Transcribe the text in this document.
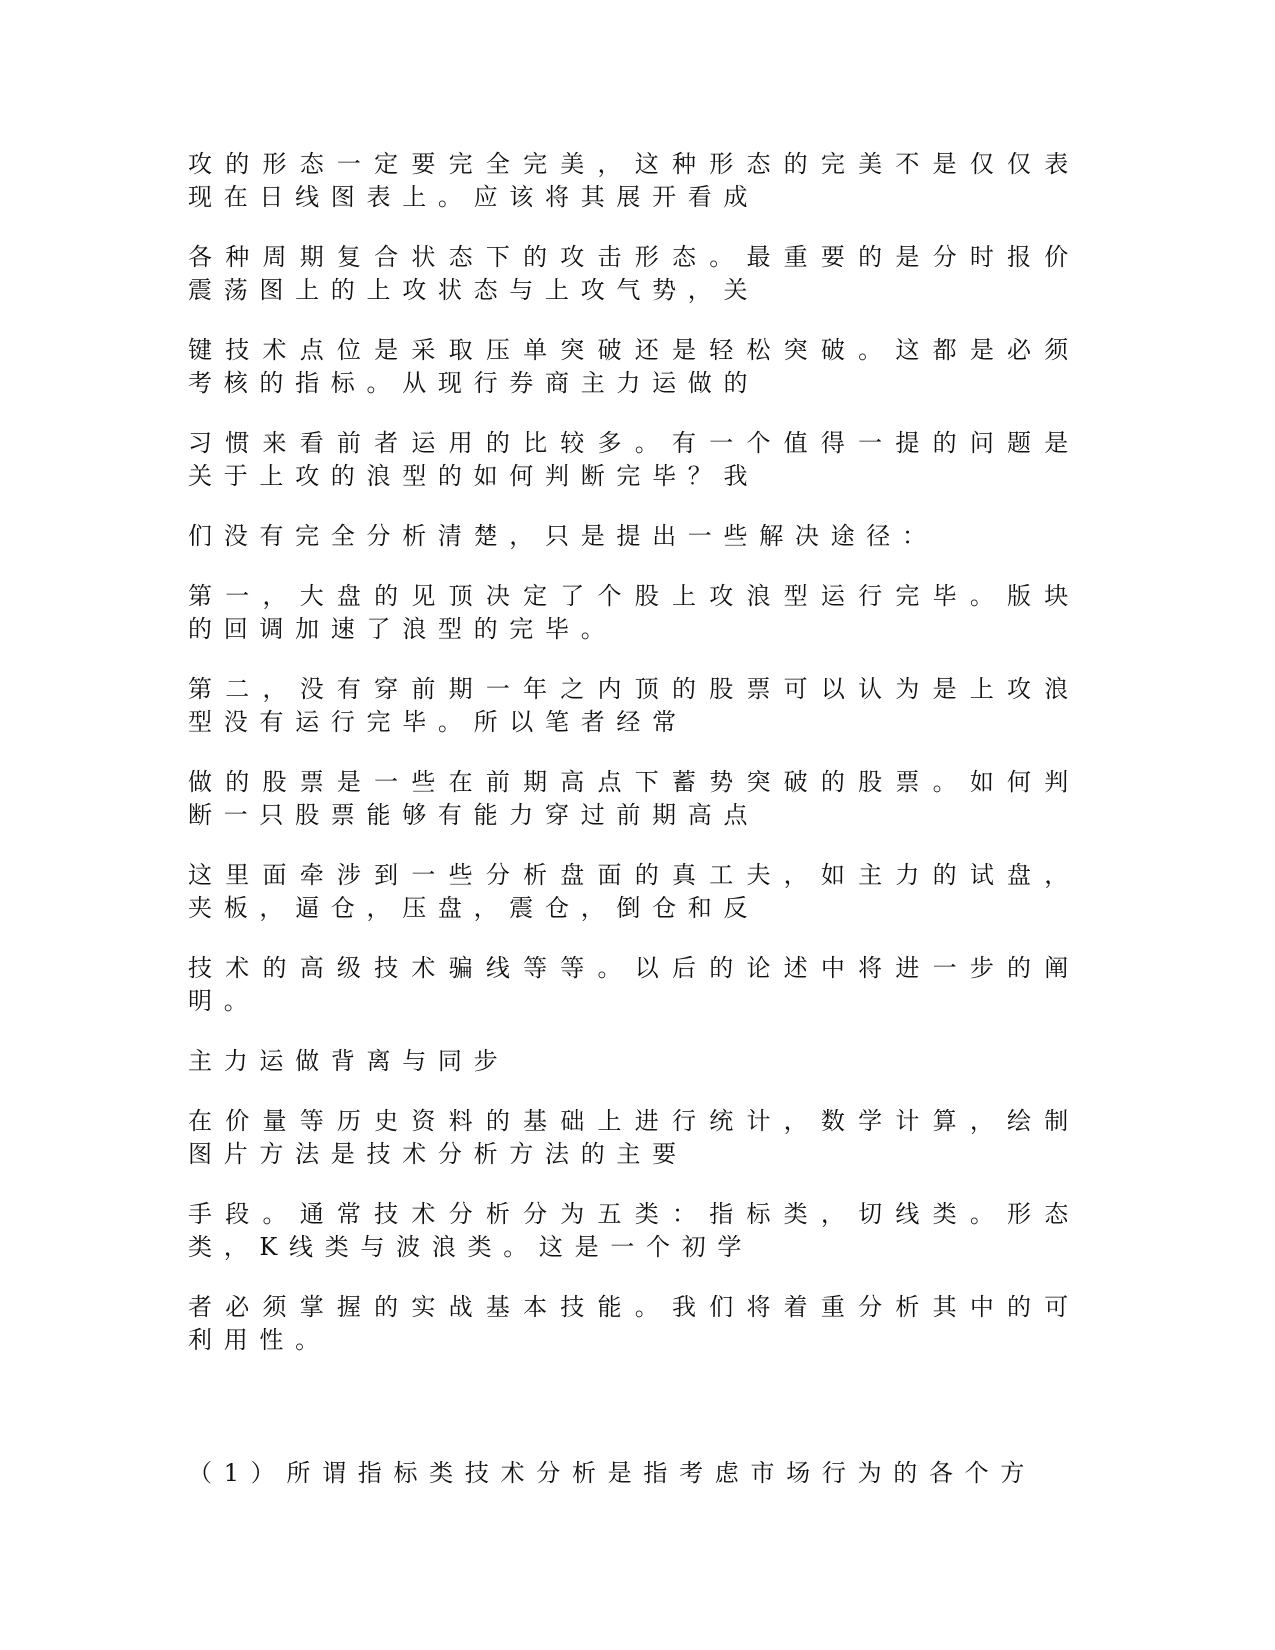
攻的形态一定要完全完美，这种形态的完美不是仅仅表现在日线图表上。应该将其展开看成

各种周期复合状态下的攻击形态。最重要的是分时报价震荡图上的上攻状态与上攻气势，关

键技术点位是采取压单突破还是轻松突破。这都是必须考核的指标。从现行券商主力运做的

习惯来看前者运用的比较多。有一个值得一提的问题是关于上攻的浪型的如何判断完毕？我

们没有完全分析清楚，只是提出一些解决途径：

第一，大盘的见顶决定了个股上攻浪型运行完毕。版块的回调加速了浪型的完毕。

第二，没有穿前期一年之内顶的股票可以认为是上攻浪型没有运行完毕。所以笔者经常

做的股票是一些在前期高点下蓄势突破的股票。如何判断一只股票能够有能力穿过前期高点

这里面牵涉到一些分析盘面的真工夫，如主力的试盘，夹板，逼仓，压盘，震仓，倒仓和反

技术的高级技术骗线等等。以后的论述中将进一步的阐明。

主力运做背离与同步

在价量等历史资料的基础上进行统计，数学计算，绘制图片方法是技术分析方法的主要

手段。通常技术分析分为五类：指标类，切线类。形态类，K线类与波浪类。这是一个初学

者必须掌握的实战基本技能。我们将着重分析其中的可利用性。

（1）所谓指标类技术分析是指考虑市场行为的各个方
